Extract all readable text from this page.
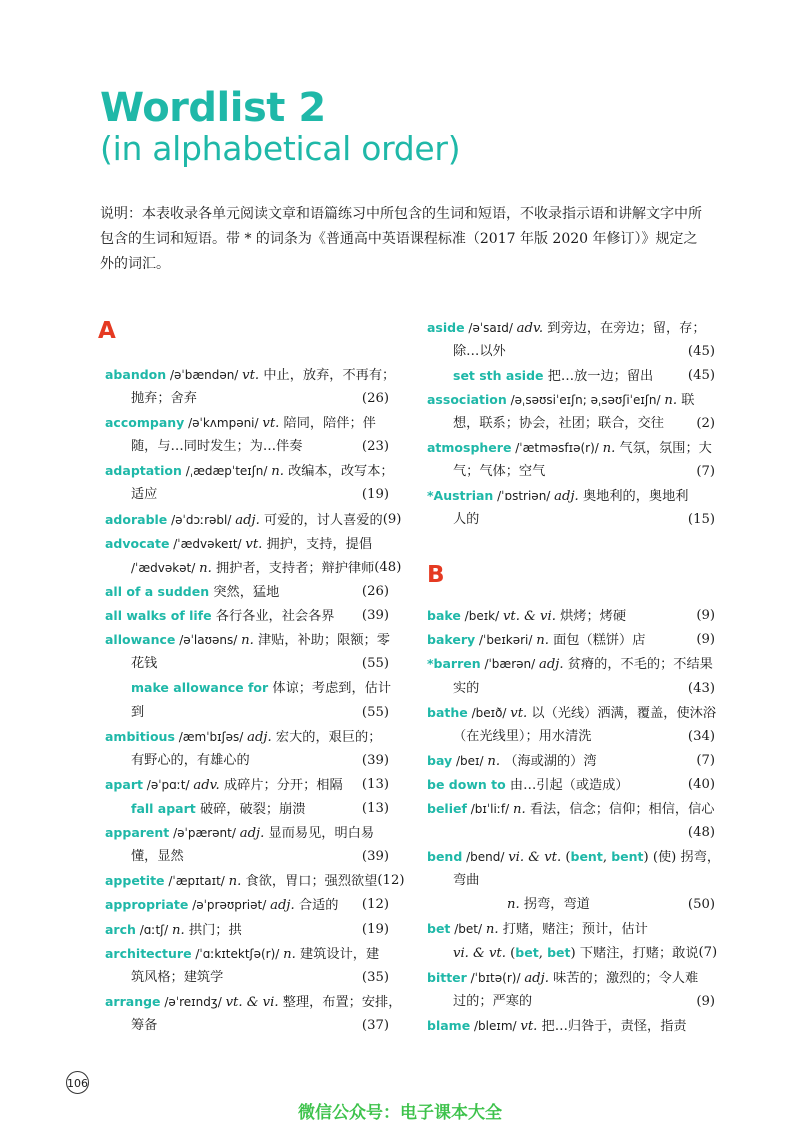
Wordlist 2

(in alphabetical order)

说明：本表收录各单元阅读文章和语篇练习中所包含的生词和短语，不收录指示语和讲解文字中所包含的生词和短语。带 * 的词条为《普通高中英语课程标准（2017 年版 2020 年修订）》规定之外的词汇。

A
B
abandon /əˈbændən/ vt. 中止，放弃，不再有；
抛弃；舍弃	(26)
accompany /əˈkʌmpəni/ vt. 陪同，陪伴；伴
随，与…同时发生；为…伴奏	(23)
adaptation /ˌædæpˈteɪʃn/ n. 改编本，改写本；
适应	(19)
adorable /əˈdɔːrəbl/ adj. 可爱的，讨人喜爱的 (9)
advocate /ˈædvəkeɪt/ vt. 拥护，支持，提倡
/ˈædvəkət/ n. 拥护者，支持者；辩护律师 (48)
all of a sudden 突然，猛地	(26)
all walks of life 各行各业，社会各界 (39)
allowance /əˈlaʊəns/ n. 津贴，补助；限额；零
花钱	(55)
make allowance for 体谅；考虑到，估计
到	(55)
ambitious /æmˈbɪʃəs/ adj. 宏大的，艰巨的；
有野心的，有雄心的	(39)
apart /əˈpɑːt/ adv. 成碎片；分开；相隔 (13)
fall apart 破碎，破裂；崩溃	(13)
apparent /əˈpærənt/ adj. 显而易见，明白易
懂，显然	(39)
appetite /ˈæpɪtaɪt/ n. 食欲，胃口；强烈欲望 (12)
appropriate /əˈprəʊpriət/ adj. 合适的 (12)
arch /ɑːtʃ/ n. 拱门；拱	(19)
architecture /ˈɑːkɪtektʃə(r)/ n. 建筑设计，建
筑风格；建筑学	(35)
arrange /əˈreɪndʒ/ vt. & vi. 整理，布置；安排，
筹备	(37)
aside /əˈsaɪd/ adv. 到旁边，在旁边；留，存；
除…以外	(45)
set sth aside 把…放一边；留出	(45)
association /əˌsəʊsiˈeɪʃn; əˌsəʊʃiˈeɪʃn/ n. 联
想，联系；协会，社团；联合，交往 (2)
atmosphere /ˈætməsfɪə(r)/ n. 气氛，氛围；大
气；气体；空气	(7)
*Austrian /ˈɒstriən/ adj. 奥地利的，奥地利
人的	(15)
bake /beɪk/ vt. & vi. 烘烤；烤硬	(9)
bakery /ˈbeɪkəri/ n. 面包（糕饼）店	(9)
*barren /ˈbærən/ adj. 贫瘠的，不毛的；不结果
实的	(43)
bathe /beɪð/ vt. 以（光线）洒满，覆盖，使沐浴
（在光线里）；用水清洗	(34)
bay /beɪ/ n. （海或湖的）湾	(7)
be down to 由…引起（或造成）	(40)
belief /bɪˈliːf/ n. 看法，信念；信仰；相信，信心
(48)
bend /bend/ vi. & vt. (bent, bent) (使) 拐弯，
弯曲
n. 拐弯，弯道	(50)
bet /bet/ n. 打赌，赌注；预计，估计
vi. & vt. (bet, bet) 下赌注，打赌；敢说 (7)
bitter /ˈbɪtə(r)/ adj. 味苦的；激烈的；令人难
过的；严寒的	(9)
blame /bleɪm/ vt. 把…归咎于，责怪，指责
106
微信公众号：电子课本大全
